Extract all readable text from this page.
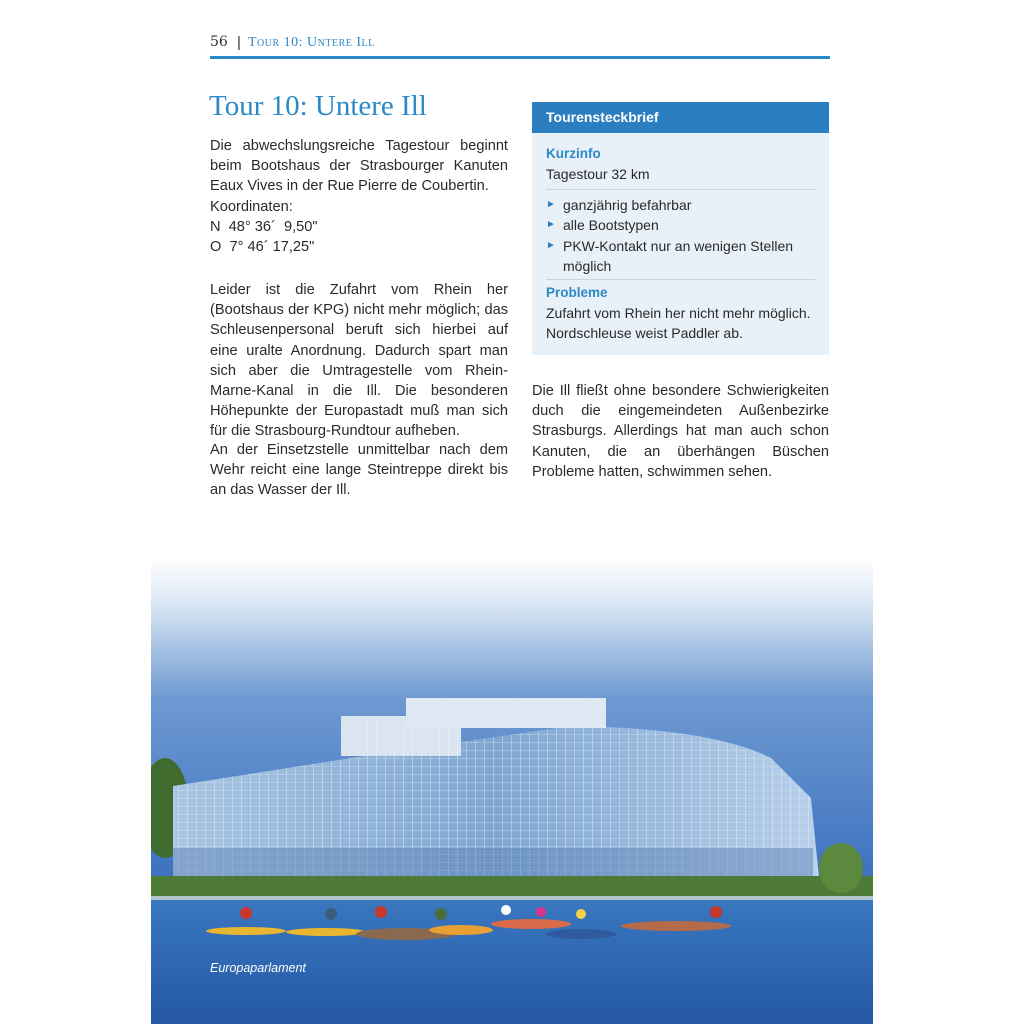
56 | Tour 10: Untere Ill
Tour 10: Untere Ill

Die abwechslungsreiche Tagestour beginnt beim Bootshaus der Strasbourger Kanuten Eaux Vives in der Rue Pierre de Coubertin.

Koordinaten:

N  48° 36´  9,50"

O  7° 46´ 17,25"

Leider ist die Zufahrt vom Rhein her (Bootshaus der KPG) nicht mehr möglich; das Schleusenpersonal beruft sich hierbei auf eine uralte Anordnung. Dadurch spart man sich aber die Umtragestelle vom Rhein-Marne-Kanal in die Ill. Die besonderen Höhepunkte der Europastadt muß man sich für die Strasbourg-Rundtour aufheben.

An der Einsetzstelle unmittelbar nach dem Wehr reicht eine lange Steintreppe direkt bis an das Wasser der Ill.

Tourensteckbrief
Kurzinfo
Tagestour 32 km
► ganzjährig befahrbar
► alle Bootstypen
► PKW-Kontakt nur an wenigen Stellen möglich
Probleme
Zufahrt vom Rhein her nicht mehr möglich. Nordschleuse weist Paddler ab.

Die Ill fließt ohne besondere Schwierigkeiten duch die eingemeindeten Außenbezirke Strasburgs. Allerdings hat man auch schon Kanuten, die an überhängen Büschen Probleme hatten, schwimmen sehen.

Europaparlament
